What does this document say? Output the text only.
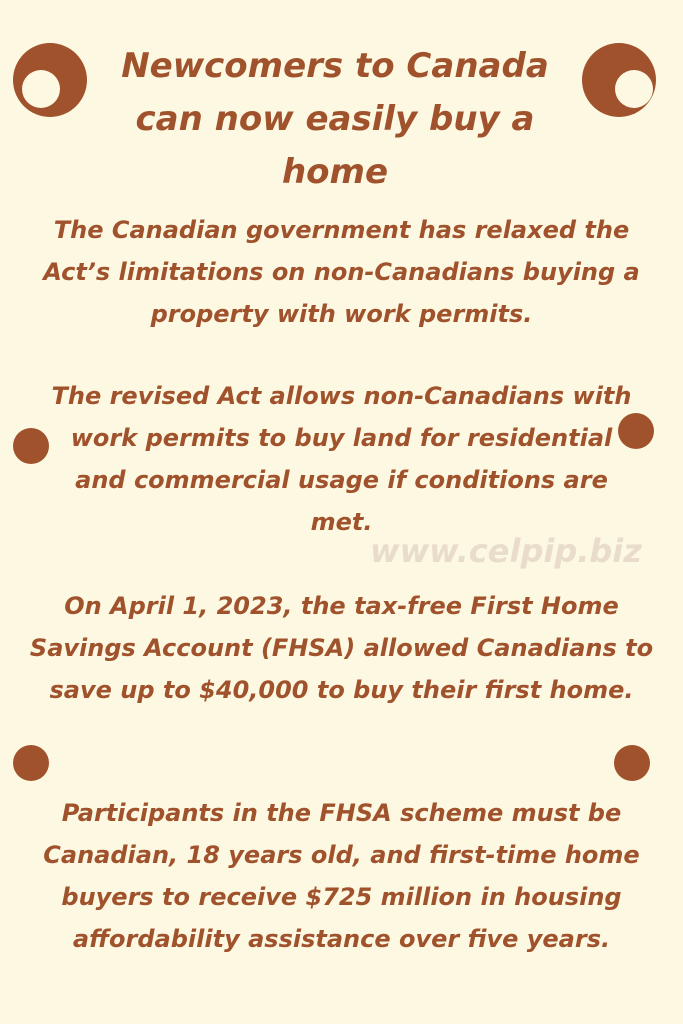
Newcomers to Canada can now easily buy a home
The Canadian government has relaxed the Act’s limitations on non-Canadians buying a property with work permits.
The revised Act allows non-Canadians with work permits to buy land for residential and commercial usage if conditions are met.
www.celpip.biz
On April 1, 2023, the tax-free First Home Savings Account (FHSA) allowed Canadians to save up to $40,000 to buy their first home.
Participants in the FHSA scheme must be Canadian, 18 years old, and first-time home buyers to receive $725 million in housing affordability assistance over five years.
